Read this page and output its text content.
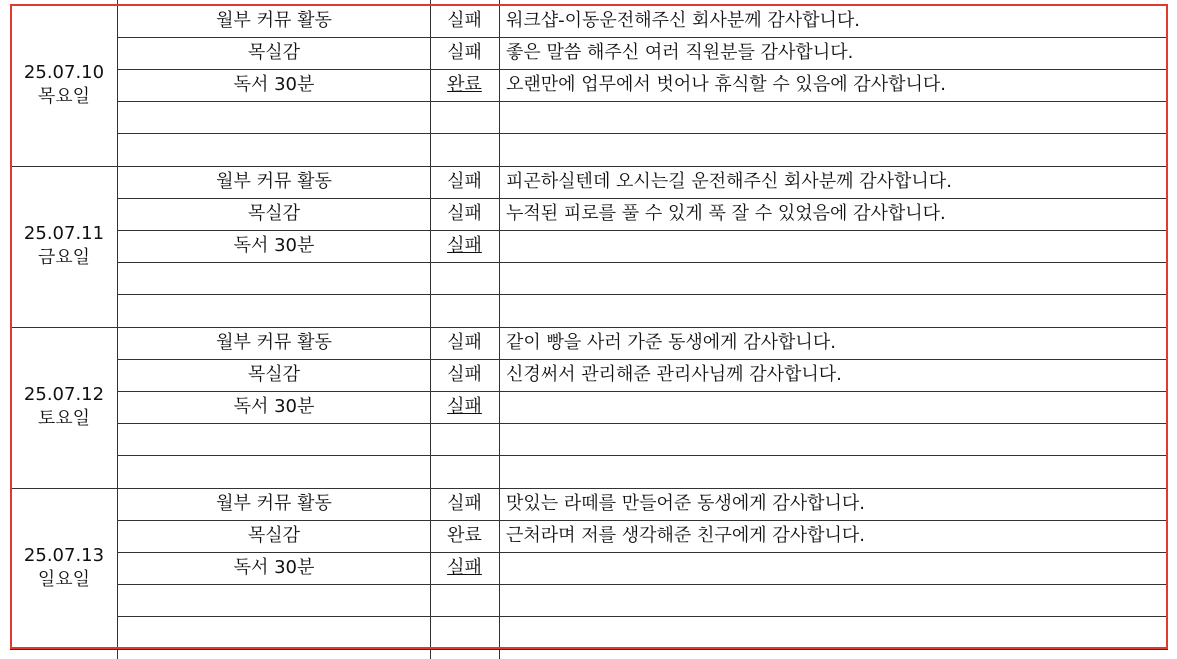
25.07.10
목요일
월부 커뮤 활동	실패	워크샵-이동운전해주신 회사분께 감사합니다.
목실감	실패	좋은 말씀 해주신 여러 직원분들 감사합니다.
독서 30분	완료	오랜만에 업무에서 벗어나 휴식할 수 있음에 감사합니다.
25.07.11
금요일
월부 커뮤 활동	실패	피곤하실텐데 오시는길 운전해주신 회사분께 감사합니다.
목실감	실패	누적된 피로를 풀 수 있게 푹 잘 수 있었음에 감사합니다.
독서 30분	실패
25.07.12
토요일
월부 커뮤 활동	실패	같이 빵을 사러 가준 동생에게 감사합니다.
목실감	실패	신경써서 관리해준 관리사님께 감사합니다.
독서 30분	실패
25.07.13
일요일
월부 커뮤 활동	실패	맛있는 라떼를 만들어준 동생에게 감사합니다.
목실감	완료	근처라며 저를 생각해준 친구에게 감사합니다.
독서 30분	실패
